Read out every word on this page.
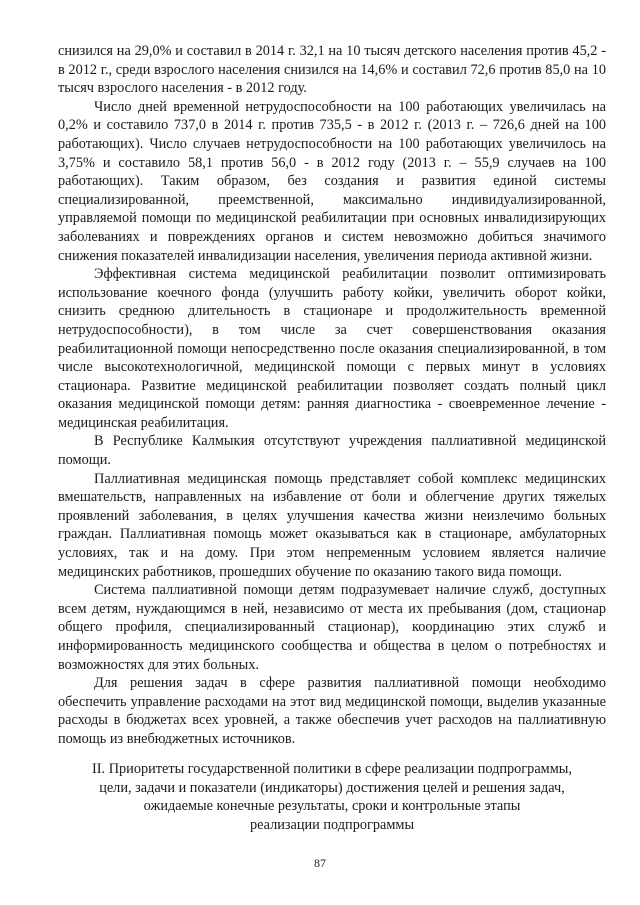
снизился на 29,0% и составил в 2014 г. 32,1 на 10 тысяч детского населения против 45,2 - в 2012 г., среди взрослого населения снизился на 14,6% и составил 72,6 против 85,0 на 10 тысяч взрослого населения - в 2012 году.

Число дней временной нетрудоспособности на 100 работающих увеличилась на 0,2% и составило 737,0 в 2014 г. против 735,5 - в 2012 г. (2013 г. – 726,6 дней на 100 работающих). Число случаев нетрудоспособности на 100 работающих увеличилось на 3,75% и составило 58,1 против 56,0 - в 2012 году (2013 г. – 55,9 случаев на 100 работающих). Таким образом, без создания и развития единой системы специализированной, преемственной, максимально индивидуализированной, управляемой помощи по медицинской реабилитации при основных инвалидизирующих заболеваниях и повреждениях органов и систем невозможно добиться значимого снижения показателей инвалидизации населения, увеличения периода активной жизни.

Эффективная система медицинской реабилитации позволит оптимизировать использование коечного фонда (улучшить работу койки, увеличить оборот койки, снизить среднюю длительность в стационаре и продолжительность временной нетрудоспособности), в том числе за счет совершенствования оказания реабилитационной помощи непосредственно после оказания специализированной, в том числе высокотехнологичной, медицинской помощи с первых минут в условиях стационара. Развитие медицинской реабилитации позволяет создать полный цикл оказания медицинской помощи детям: ранняя диагностика - своевременное лечение - медицинская реабилитация.

В Республике Калмыкия отсутствуют учреждения паллиативной медицинской помощи.

Паллиативная медицинская помощь представляет собой комплекс медицинских вмешательств, направленных на избавление от боли и облегчение других тяжелых проявлений заболевания, в целях улучшения качества жизни неизлечимо больных граждан. Паллиативная помощь может оказываться как в стационаре, амбулаторных условиях, так и на дому. При этом непременным условием является наличие медицинских работников, прошедших обучение по оказанию такого вида помощи.

Система паллиативной помощи детям подразумевает наличие служб, доступных всем детям, нуждающимся в ней, независимо от места их пребывания (дом, стационар общего профиля, специализированный стационар), координацию этих служб и информированность медицинского сообщества и общества в целом о потребностях и возможностях для этих больных.

Для решения задач в сфере развития паллиативной помощи необходимо обеспечить управление расходами на этот вид медицинской помощи, выделив указанные расходы в бюджетах всех уровней, а также обеспечив учет расходов на паллиативную помощь из внебюджетных источников.

II. Приоритеты государственной политики в сфере реализации подпрограммы,
цели, задачи и показатели (индикаторы) достижения целей и решения задач,
ожидаемые конечные результаты, сроки и контрольные этапы
реализации подпрограммы
87
